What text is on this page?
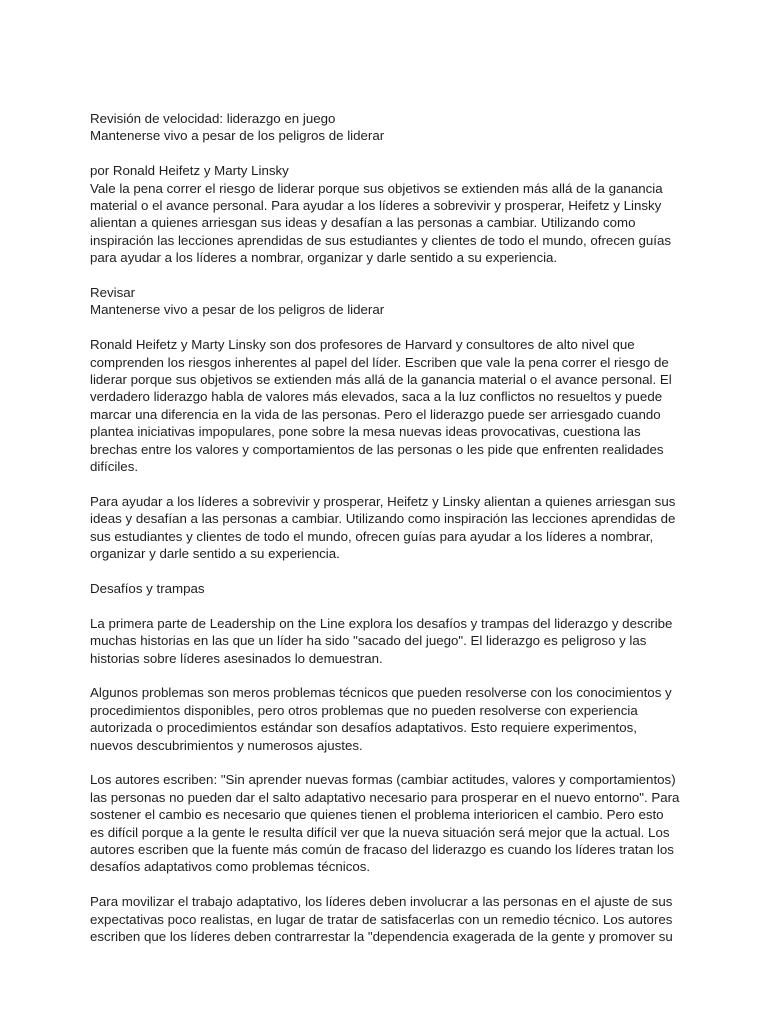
Revisión de velocidad: liderazgo en juego

Mantenerse vivo a pesar de los peligros de liderar

por Ronald Heifetz y Marty Linsky

Vale la pena correr el riesgo de liderar porque sus objetivos se extienden más allá de la ganancia material o el avance personal. Para ayudar a los líderes a sobrevivir y prosperar, Heifetz y Linsky alientan a quienes arriesgan sus ideas y desafían a las personas a cambiar. Utilizando como inspiración las lecciones aprendidas de sus estudiantes y clientes de todo el mundo, ofrecen guías para ayudar a los líderes a nombrar, organizar y darle sentido a su experiencia.

Revisar

Mantenerse vivo a pesar de los peligros de liderar

Ronald Heifetz y Marty Linsky son dos profesores de Harvard y consultores de alto nivel que comprenden los riesgos inherentes al papel del líder. Escriben que vale la pena correr el riesgo de liderar porque sus objetivos se extienden más allá de la ganancia material o el avance personal. El verdadero liderazgo habla de valores más elevados, saca a la luz conflictos no resueltos y puede marcar una diferencia en la vida de las personas. Pero el liderazgo puede ser arriesgado cuando plantea iniciativas impopulares, pone sobre la mesa nuevas ideas provocativas, cuestiona las brechas entre los valores y comportamientos de las personas o les pide que enfrenten realidades difíciles.

Para ayudar a los líderes a sobrevivir y prosperar, Heifetz y Linsky alientan a quienes arriesgan sus ideas y desafían a las personas a cambiar. Utilizando como inspiración las lecciones aprendidas de sus estudiantes y clientes de todo el mundo, ofrecen guías para ayudar a los líderes a nombrar, organizar y darle sentido a su experiencia.

Desafíos y trampas

La primera parte de Leadership on the Line explora los desafíos y trampas del liderazgo y describe muchas historias en las que un líder ha sido "sacado del juego". El liderazgo es peligroso y las historias sobre líderes asesinados lo demuestran.

Algunos problemas son meros problemas técnicos que pueden resolverse con los conocimientos y procedimientos disponibles, pero otros problemas que no pueden resolverse con experiencia autorizada o procedimientos estándar son desafíos adaptativos. Esto requiere experimentos, nuevos descubrimientos y numerosos ajustes.

Los autores escriben: "Sin aprender nuevas formas (cambiar actitudes, valores y comportamientos) las personas no pueden dar el salto adaptativo necesario para prosperar en el nuevo entorno". Para sostener el cambio es necesario que quienes tienen el problema interioricen el cambio. Pero esto es difícil porque a la gente le resulta difícil ver que la nueva situación será mejor que la actual. Los autores escriben que la fuente más común de fracaso del liderazgo es cuando los líderes tratan los desafíos adaptativos como problemas técnicos.

Para movilizar el trabajo adaptativo, los líderes deben involucrar a las personas en el ajuste de sus expectativas poco realistas, en lugar de tratar de satisfacerlas con un remedio técnico. Los autores escriben que los líderes deben contrarrestar la "dependencia exagerada de la gente y promover su
